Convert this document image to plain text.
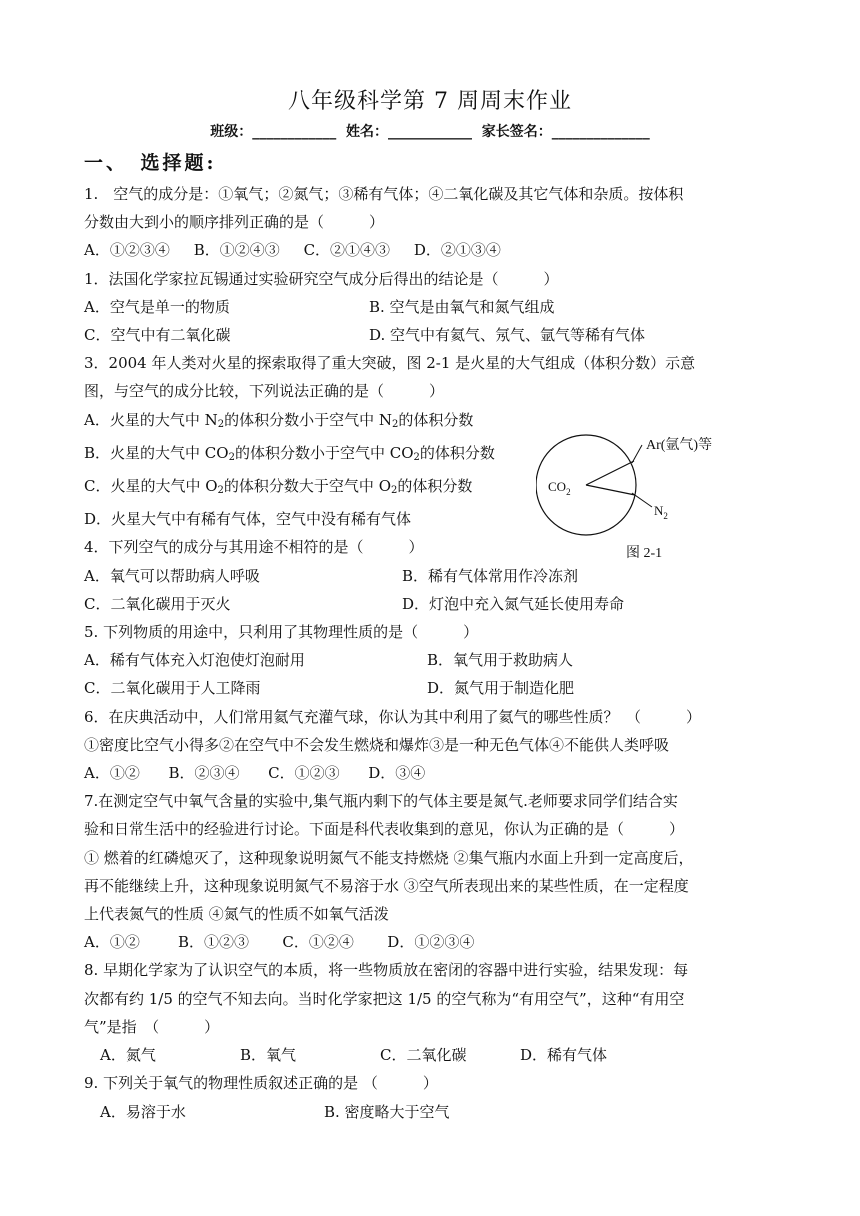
八年级科学第 7 周周末作业
班级：____________ 姓名：____________ 家长签名：______________
一、　选择题:
1.　空气的成分是：①氧气；②氮气；③稀有气体；④二氧化碳及其它气体和杂质。按体积
分数由大到小的顺序排列正确的是（　　　）
A．①②③④ B．①②④③ C．②①④③ D．②①③④
1．法国化学家拉瓦锡通过实验研究空气成分后得出的结论是（　　　）
A．空气是单一的物质	B. 空气是由氧气和氮气组成
C．空气中有二氧化碳	D. 空气中有氦气、氖气、氩气等稀有气体
3．2004 年人类对火星的探索取得了重大突破，图 2-1 是火星的大气组成（体积分数）示意
图，与空气的成分比较，下列说法正确的是（　　　）
A．火星的大气中 $N_2$的体积分数小于空气中 $N_2$的体积分数
B．火星的大气中 $CO_2$的体积分数小于空气中 $CO_2$的体积分数
C．火星的大气中 $O_2$的体积分数大于空气中 $O_2$的体积分数
D．火星大气中有稀有气体，空气中没有稀有气体
Ar(氩气)等
$CO_2$
$N_2$
图 2-1
4．下列空气的成分与其用途不相符的是（　　　）
A．氧气可以帮助病人呼吸	B．稀有气体常用作冷冻剂
C．二氧化碳用于灭火	D．灯泡中充入氮气延长使用寿命
5. 下列物质的用途中，只利用了其物理性质的是（　　　）
A．稀有气体充入灯泡使灯泡耐用	B．氧气用于救助病人
C．二氧化碳用于人工降雨	D．氮气用于制造化肥
6．在庆典活动中，人们常用氦气充灌气球，你认为其中利用了氦气的哪些性质？　（　　　）
①密度比空气小得多②在空气中不会发生燃烧和爆炸③是一种无色气体④不能供人类呼吸
A．①② B．②③④ C．①②③ D．③④
7.在测定空气中氧气含量的实验中,集气瓶内剩下的气体主要是氮气.老师要求同学们结合实
验和日常生活中的经验进行讨论。下面是科代表收集到的意见，你认为正确的是（　　　）
① 燃着的红磷熄灭了，这种现象说明氮气不能支持燃烧 ②集气瓶内水面上升到一定高度后，
再不能继续上升，这种现象说明氮气不易溶于水 ③空气所表现出来的某些性质，在一定程度
上代表氮气的性质 ④氮气的性质不如氧气活泼
A．①②	B．①②③ C．①②④ D．①②③④
8. 早期化学家为了认识空气的本质，将一些物质放在密闭的容器中进行实验，结果发现：每
次都有约 1/5 的空气不知去向。当时化学家把这 1/5 的空气称为“有用空气”，这种“有用空
气”是指　（　　　）
A．氮气	B．氧气	C．二氧化碳	D．稀有气体
9. 下列关于氧气的物理性质叙述正确的是 （　　　）
A．易溶于水	B. 密度略大于空气
